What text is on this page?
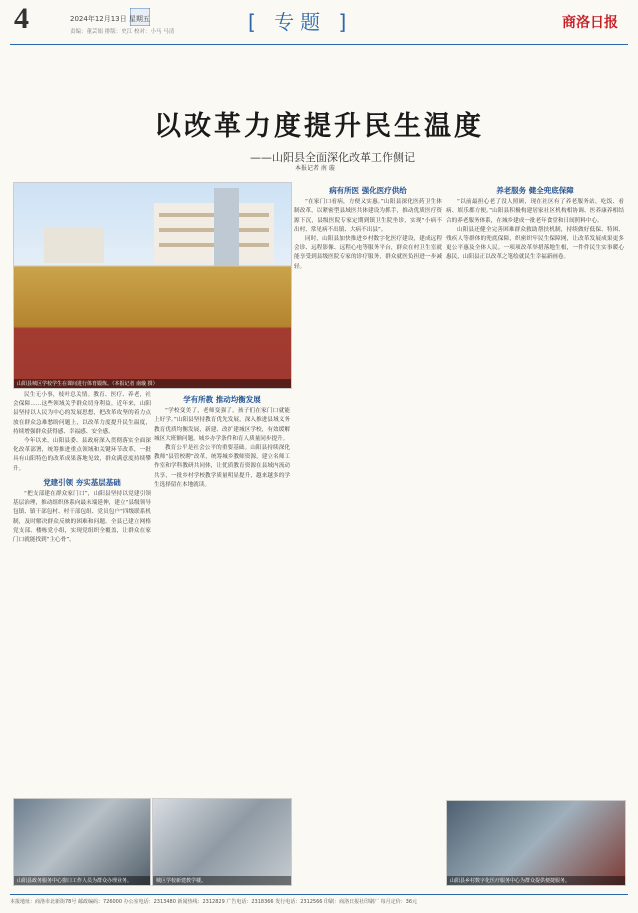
4	2024年12月13日 星期五
责编：董芸娟 排版：史江 校对：小马 马清	[ 专题 ]	商洛日报
以改革力度提升民生温度
——山阳县全面深化改革工作侧记
本报记者 南 璇
山阳县城区学校学生在课间进行体育锻炼。（本报记者 南璇 摄）

民生无小事，枝叶总关情。教育、医疗、养老，社会保障……这些领域关乎群众切身利益。近年来，山阳县坚持以人民为中心的发展思想，把改革攻坚的着力点放在群众急难愁盼问题上，以改革力度提升民生温度，持续增强群众获得感、幸福感、安全感。

今年以来，山阳县委、县政府深入贯彻落实全面深化改革部署，统筹推进重点领域和关键环节改革，一批具有山阳特色的改革成果落地见效，群众满意度持续攀升。

党建引领 夯实基层基础

“把支部建在群众家门口”，山阳县坚持以党建引领基层治理，推动组织体系向最末端延伸，建立“县级领导包镇、镇干部包村、村干部包组、党员包户”四级联系机制，及时解决群众反映的困难和问题。全县已建立网格党支部、楼栋党小组，实现党组织全覆盖，让群众在家门口就能找到“主心骨”。

学有所教 推动均衡发展

“学校变美了，老师变强了，孩子们在家门口就能上好学。”山阳县坚持教育优先发展，深入推进县域义务教育优质均衡发展，新建、改扩建城区学校，有效缓解城区大班额问题，城乡办学条件和育人质量同步提升。

教育公平是社会公平的重要基础。山阳县持续深化教师“县管校聘”改革，统筹城乡教师资源，建立名师工作室和学科教研共同体，让优质教育资源在县域内流动共享，一批乡村学校教学质量明显提升，越来越多的学生选择留在本地就读。

病有所医 强化医疗供给

“在家门口看病，方便又实惠。”山阳县深化医药卫生体制改革，以紧密型县域医共体建设为抓手，推动优质医疗资源下沉，县级医院专家定期到镇卫生院坐诊，实现“小病不出村、常见病不出镇、大病不出县”。

同时，山阳县加快推进乡村数字化医疗建设，建成远程会诊、远程影像、远程心电等服务平台，群众在村卫生室就能享受到县级医院专家的诊疗服务，群众就医负担进一步减轻。

养老服务 健全兜底保障

“以前最担心老了没人照顾，现在社区有了养老服务站，吃饭、看病、娱乐都方便。”山阳县积极构建居家社区机构相协调、医养康养相结合的养老服务体系，在城乡建成一批老年食堂和日间照料中心。

山阳县还健全完善困难群众救助帮扶机制，持续做好低保、特困、残疾人等群体的兜底保障，织密织牢民生保障网，让改革发展成果更多更公平惠及全体人民。一项项改革举措落地生根，一件件民生实事暖心惠民，山阳县正以改革之笔绘就民生幸福新画卷。

山阳县政务服务中心窗口工作人员为群众办理业务。	城区学校新建教学楼。	山阳县乡村数字化医疗服务中心为群众提供便捷服务。
本报地址：商洛市北新街78号 邮政编码：726000 办公室电话：2313480 新闻热线：2312829 广告电话：2318366 发行电话：2312566 印刷：商洛日报社印刷厂 每月定价：36元
